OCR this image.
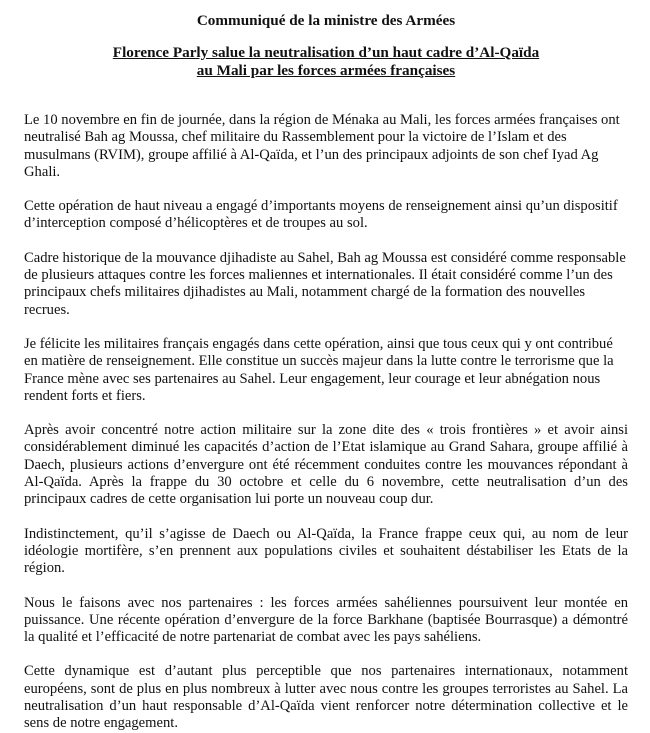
Communiqué de la ministre des Armées
Florence Parly salue la neutralisation d’un haut cadre d’Al-Qaïda
au Mali par les forces armées françaises

Le 10 novembre en fin de journée, dans la région de Ménaka au Mali, les forces armées françaises ont neutralisé Bah ag Moussa, chef militaire du Rassemblement pour la victoire de l’Islam et des musulmans (RVIM), groupe affilié à Al-Qaïda, et l’un des principaux adjoints de son chef Iyad Ag Ghali.

Cette opération de haut niveau a engagé d’importants moyens de renseignement ainsi qu’un dispositif d’interception composé d’hélicoptères et de troupes au sol.

Cadre historique de la mouvance djihadiste au Sahel, Bah ag Moussa est considéré comme responsable de plusieurs attaques contre les forces maliennes et internationales. Il était considéré comme l’un des principaux chefs militaires djihadistes au Mali, notamment chargé de la formation des nouvelles recrues.

Je félicite les militaires français engagés dans cette opération, ainsi que tous ceux qui y ont contribué en matière de renseignement. Elle constitue un succès majeur dans la lutte contre le terrorisme que la France mène avec ses partenaires au Sahel. Leur engagement, leur courage et leur abnégation nous rendent forts et fiers.

Après avoir concentré notre action militaire sur la zone dite des « trois frontières » et avoir ainsi considérablement diminué les capacités d’action de l’Etat islamique au Grand Sahara, groupe affilié à Daech, plusieurs actions d’envergure ont été récemment conduites contre les mouvances répondant à Al-Qaïda. Après la frappe du 30 octobre et celle du 6 novembre, cette neutralisation d’un des principaux cadres de cette organisation lui porte un nouveau coup dur.

Indistinctement, qu’il s’agisse de Daech ou Al-Qaïda, la France frappe ceux qui, au nom de leur idéologie mortifère, s’en prennent aux populations civiles et souhaitent déstabiliser les Etats de la région.

Nous le faisons avec nos partenaires : les forces armées sahéliennes poursuivent leur montée en puissance. Une récente opération d’envergure de la force Barkhane (baptisée Bourrasque) a démontré la qualité et l’efficacité de notre partenariat de combat avec les pays sahéliens.

Cette dynamique est d’autant plus perceptible que nos partenaires internationaux, notamment européens, sont de plus en plus nombreux à lutter avec nous contre les groupes terroristes au Sahel. La neutralisation d’un haut responsable d’Al-Qaïda vient renforcer notre détermination collective et le sens de notre engagement.
